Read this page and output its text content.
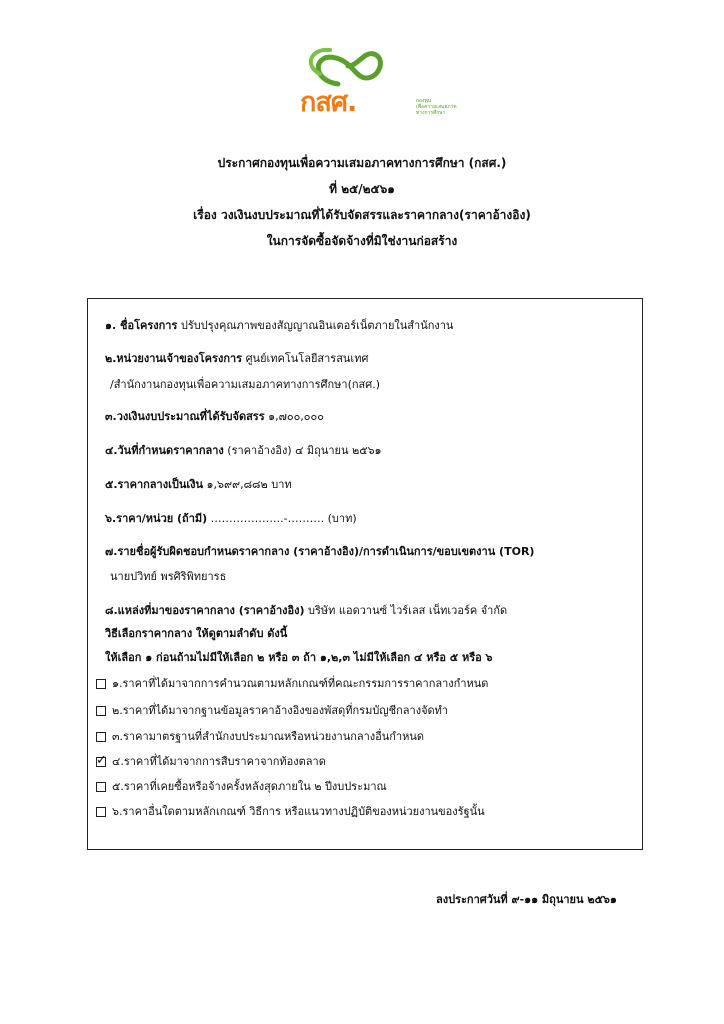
กสศ.	กองทุน
เพื่อความเสมอภาค
ทางการศึกษา
ประกาศกองทุนเพื่อความเสมอภาคทางการศึกษา (กสศ.)
ที่ ๒๕/๒๕๖๑
เรื่อง วงเงินงบประมาณที่ได้รับจัดสรรและราคากลาง(ราคาอ้างอิง)
ในการจัดซื้อจัดจ้างที่มิใช่งานก่อสร้าง
๑. ชื่อโครงการ ปรับปรุงคุณภาพของสัญญาณอินเตอร์เน็ตภายในสำนักงาน
๒.หน่วยงานเจ้าของโครงการ ศูนย์เทคโนโลยีสารสนเทศ
/สำนักงานกองทุนเพื่อความเสมอภาคทางการศึกษา(กสศ.)
๓.วงเงินงบประมาณที่ได้รับจัดสรร ๑,๗๐๐,๐๐๐
๔.วันที่กำหนดราคากลาง (ราคาอ้างอิง) ๔ มิถุนายน ๒๕๖๑
๕.ราคากลางเป็นเงิน ๑,๖๙๙,๘๘๒ บาท
๖.ราคา/หน่วย (ถ้ามี) ………………..-………. (บาท)
๗.รายชื่อผู้รับผิดชอบกำหนดราคากลาง (ราคาอ้างอิง)/การดำเนินการ/ขอบเขตงาน (TOR)
นายปวิทย์ พรศิริพิทยารธ
๘.แหล่งที่มาของราคากลาง (ราคาอ้างอิง) บริษัท แอดวานซ์ ไวร์เลส เน็ทเวอร์ค จำกัด
วิธีเลือกราคากลาง ให้ดูตามลำดับ ดังนี้
ให้เลือก ๑ ก่อนถ้ามไม่มีให้เลือก ๒ หรือ ๓ ถ้า ๑,๒,๓ ไม่มีให้เลือก ๔ หรือ ๕ หรือ ๖
๑.ราคาที่ได้มาจากการคำนวณตามหลักเกณฑ์ที่คณะกรรมการราคากลางกำหนด
๒.ราคาที่ได้มาจากฐานข้อมูลราคาอ้างอิงของพัสดุที่กรมบัญชีกลางจัดทำ
๓.ราคามาตรฐานที่สำนักงบประมาณหรือหน่วยงานกลางอื่นกำหนด
✓
๔.ราคาที่ได้มาจากการสืบราคาจากท้องตลาด
๕.ราคาที่เคยซื้อหรือจ้างครั้งหลังสุดภายใน ๒ ปีงบประมาณ
๖.ราคาอื่นใดตามหลักเกณฑ์ วิธีการ หรือแนวทางปฏิบัติของหน่วยงานของรัฐนั้น
ลงประกาศวันที่ ๙-๑๑ มิถุนายน ๒๕๖๑
